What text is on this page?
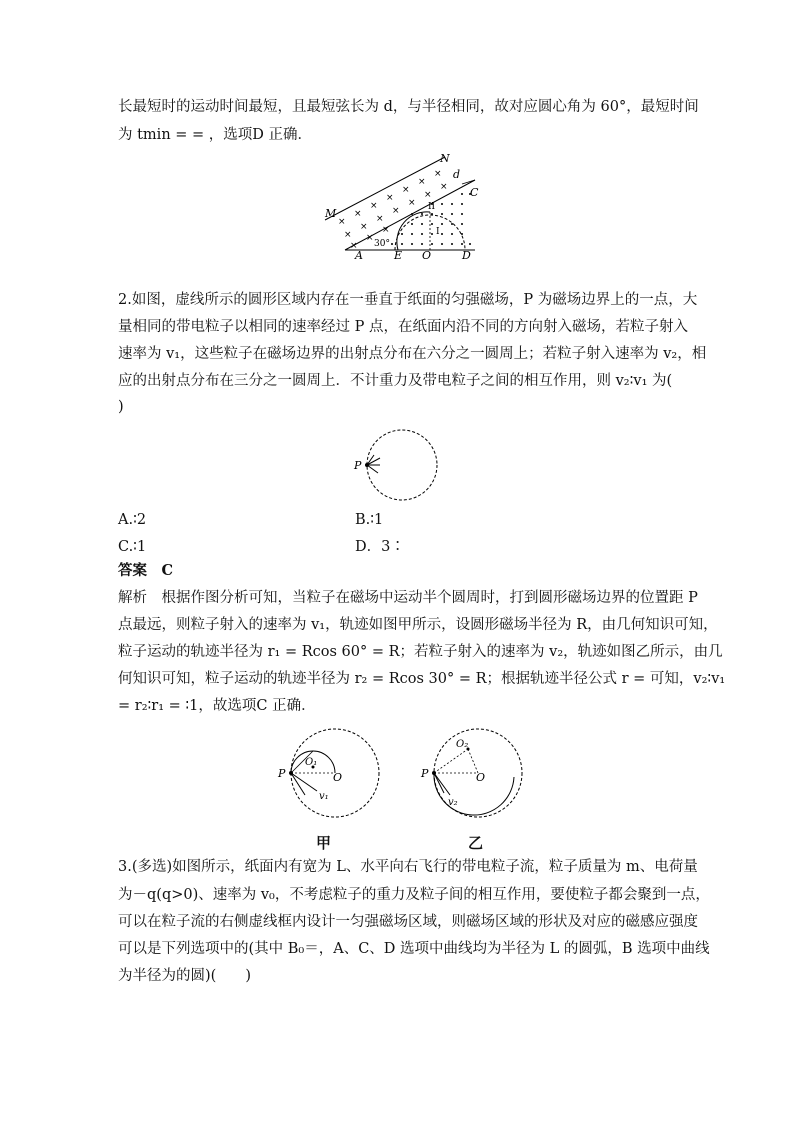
长最短时的运动时间最短，且最短弦长为 d，与半径相同，故对应圆心角为 60°，最短时间
为 tmin = = ，选项D 正确．
×
×
×
×
×
×
×
×
×
×
×
×
×
×
×
×
×
M
N
d
C
A	E O	D
30°
II
I
2.如图，虚线所示的圆形区域内存在一垂直于纸面的匀强磁场，P 为磁场边界上的一点，大
量相同的带电粒子以相同的速率经过 P 点，在纸面内沿不同的方向射入磁场，若粒子射入
速率为 v₁，这些粒子在磁场边界的出射点分布在六分之一圆周上；若粒子射入速率为 v₂，相
应的出射点分布在三分之一圆周上．不计重力及带电粒子之间的相互作用，则 v₂∶v₁ 为(
)
P
A.∶2	B.∶1
C.∶1	D．3∶
答案　C
解析　根据作图分析可知，当粒子在磁场中运动半个圆周时，打到圆形磁场边界的位置距 P
点最远，则粒子射入的速率为 v₁，轨迹如图甲所示，设圆形磁场半径为 R，由几何知识可知，
粒子运动的轨迹半径为 r₁ = Rcos 60° = R；若粒子射入的速率为 v₂，轨迹如图乙所示，由几
何知识可知，粒子运动的轨迹半径为 r₂ = Rcos 30° = R；根据轨迹半径公式 r = 可知，v₂∶v₁
= r₂∶r₁ = ∶1，故选项C 正确．
P	O
O₁
v₁
甲
P	O
O₂
v₂
乙
3.(多选)如图所示，纸面内有宽为 L、水平向右飞行的带电粒子流，粒子质量为 m、电荷量
为－q(q>0)、速率为 v₀，不考虑粒子的重力及粒子间的相互作用，要使粒子都会聚到一点，
可以在粒子流的右侧虚线框内设计一匀强磁场区域，则磁场区域的形状及对应的磁感应强度
可以是下列选项中的(其中 B₀＝，A、C、D 选项中曲线均为半径为 L 的圆弧，B 选项中曲线
为半径为的圆)(　　)
